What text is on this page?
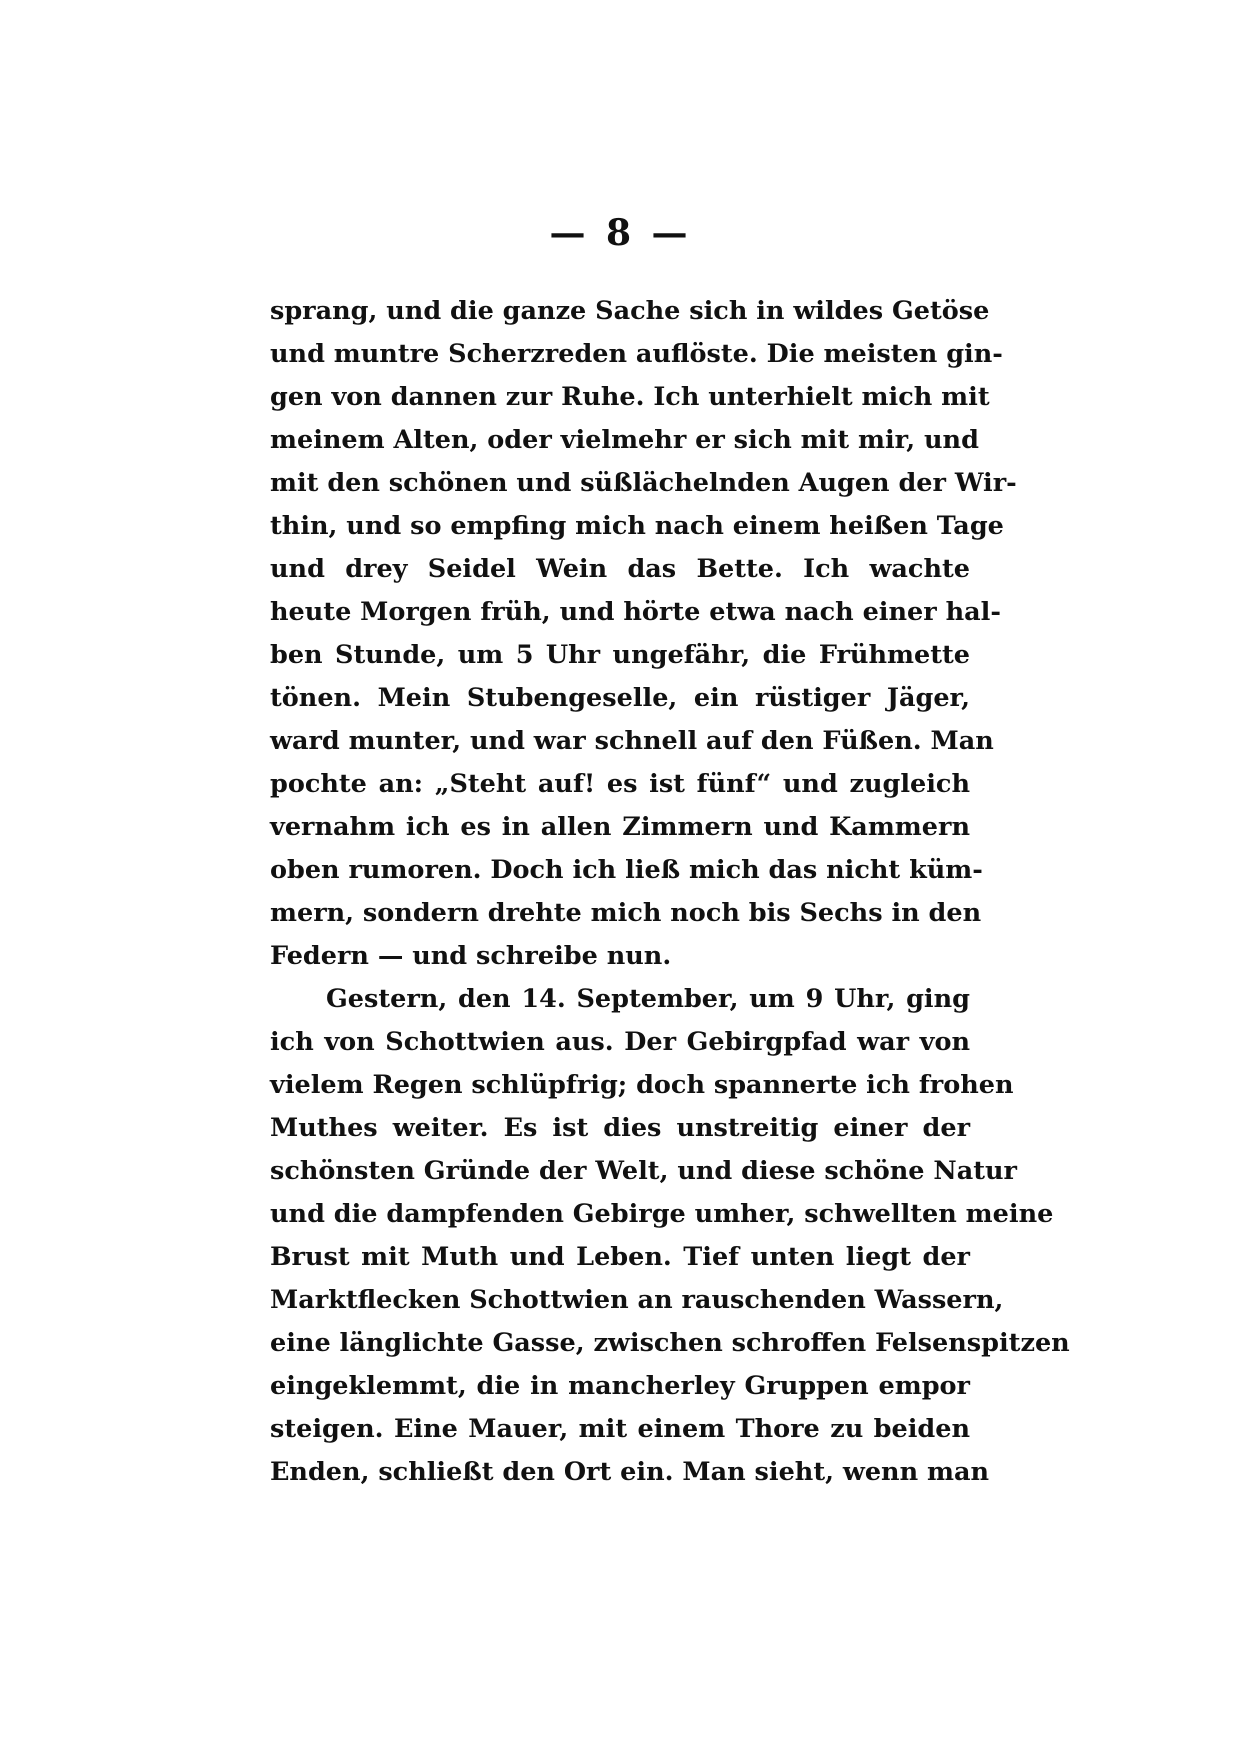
— 8 —
sprang, und die ganze Sache sich in wildes Getöse
und muntre Scherzreden auflöste. Die meisten gin-
gen von dannen zur Ruhe. Ich unterhielt mich mit
meinem Alten, oder vielmehr er sich mit mir, und
mit den schönen und süßlächelnden Augen der Wir-
thin, und so empfing mich nach einem heißen Tage
und drey Seidel Wein das Bette. Ich wachte
heute Morgen früh, und hörte etwa nach einer hal-
ben Stunde, um 5 Uhr ungefähr, die Frühmette
tönen. Mein Stubengeselle, ein rüstiger Jäger,
ward munter, und war schnell auf den Füßen. Man
pochte an: „Steht auf! es ist fünf“ und zugleich
vernahm ich es in allen Zimmern und Kammern
oben rumoren. Doch ich ließ mich das nicht küm-
mern, sondern drehte mich noch bis Sechs in den
Federn — und schreibe nun.
Gestern, den 14. September, um 9 Uhr, ging
ich von Schottwien aus. Der Gebirgpfad war von
vielem Regen schlüpfrig; doch spannerte ich frohen
Muthes weiter. Es ist dies unstreitig einer der
schönsten Gründe der Welt, und diese schöne Natur
und die dampfenden Gebirge umher, schwellten meine
Brust mit Muth und Leben. Tief unten liegt der
Marktflecken Schottwien an rauschenden Wassern,
eine länglichte Gasse, zwischen schroffen Felsenspitzen
eingeklemmt, die in mancherley Gruppen empor
steigen. Eine Mauer, mit einem Thore zu beiden
Enden, schließt den Ort ein. Man sieht, wenn man
